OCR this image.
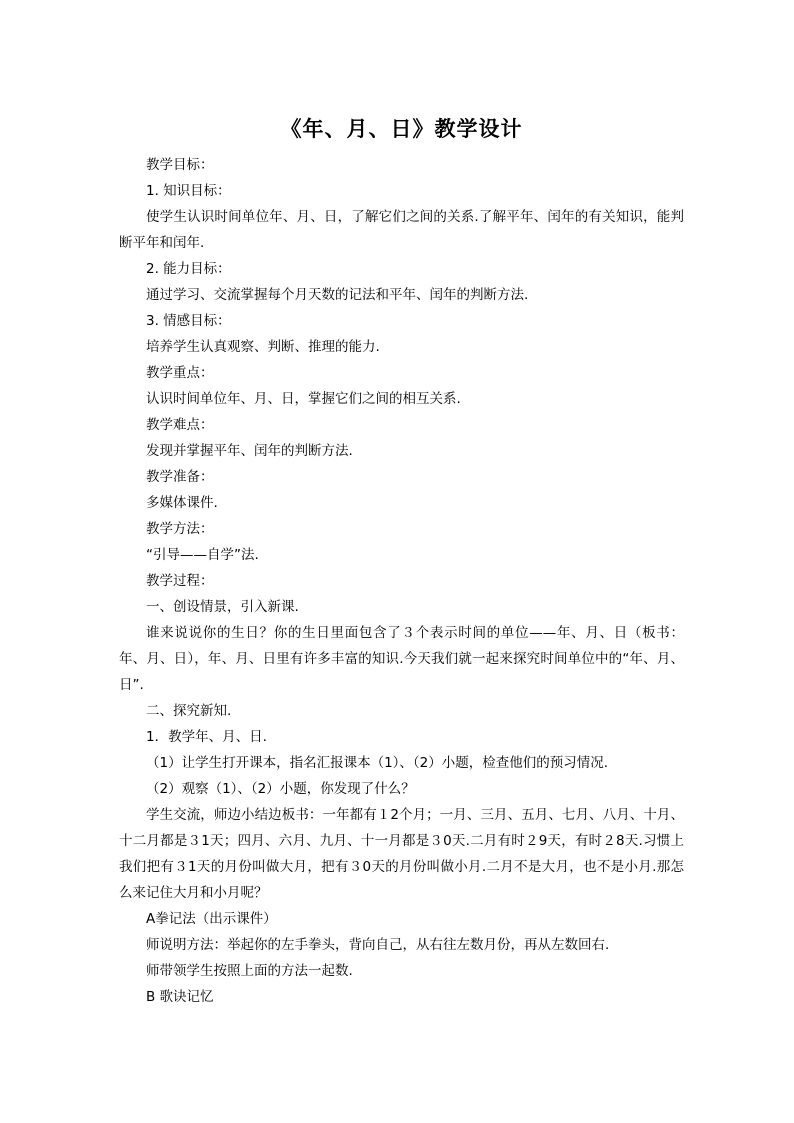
《年、月、日》教学设计

教学目标：

1. 知识目标：

使学生认识时间单位年、月、日，了解它们之间的关系.了解平年、闰年的有关知识，能判断平年和闰年.

2. 能力目标：

通过学习、交流掌握每个月天数的记法和平年、闰年的判断方法.

3. 情感目标：

培养学生认真观察、判断、推理的能力.

教学重点：

认识时间单位年、月、日，掌握它们之间的相互关系.

教学难点：

发现并掌握平年、闰年的判断方法.

教学准备：

多媒体课件.

教学方法：

“引导——自学”法.

教学过程：

一、创设情景，引入新课.

谁来说说你的生日？你的生日里面包含了３个表示时间的单位——年、月、日（板书：年、月、日），年、月、日里有许多丰富的知识.今天我们就一起来探究时间单位中的“年、月、日”.

二、探究新知.

1．教学年、月、日.

（1）让学生打开课本，指名汇报课本（1）、（2）小题，检查他们的预习情况.

（2）观察（1）、（2）小题，你发现了什么？

学生交流，师边小结边板书：一年都有１2个月；一月、三月、五月、七月、八月、十月、十二月都是３1天；四月、六月、九月、十一月都是３0天.二月有时２9天，有时２8天.习惯上我们把有３1天的月份叫做大月，把有３0天的月份叫做小月.二月不是大月，也不是小月.那怎么来记住大月和小月呢？

A拳记法（出示课件）

师说明方法：举起你的左手拳头，背向自己，从右往左数月份，再从左数回右.

师带领学生按照上面的方法一起数.

B 歌诀记忆
